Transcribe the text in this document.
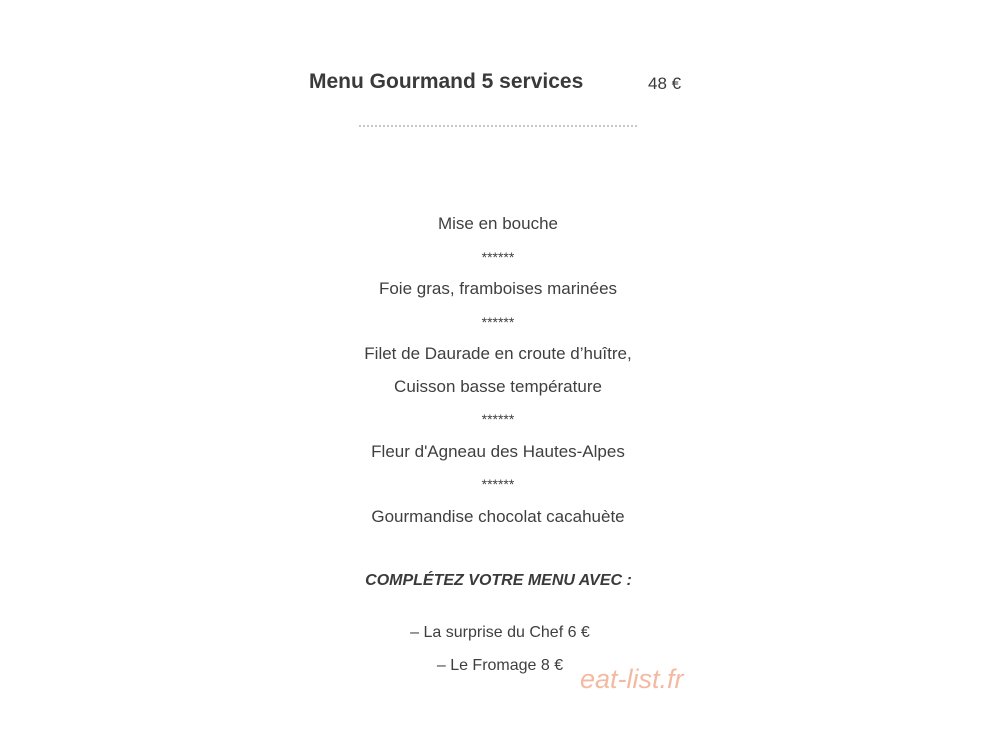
Menu Gourmand 5 services	48 €
Mise en bouche
******
Foie gras, framboises marinées
******
Filet de Daurade en croute d’huître,
Cuisson basse température
******
Fleur d'Agneau des Hautes-Alpes
******
Gourmandise chocolat cacahuète
COMPLÉTEZ VOTRE MENU AVEC :
– La surprise du Chef 6 €
– Le Fromage 8 € eat-list.fr
